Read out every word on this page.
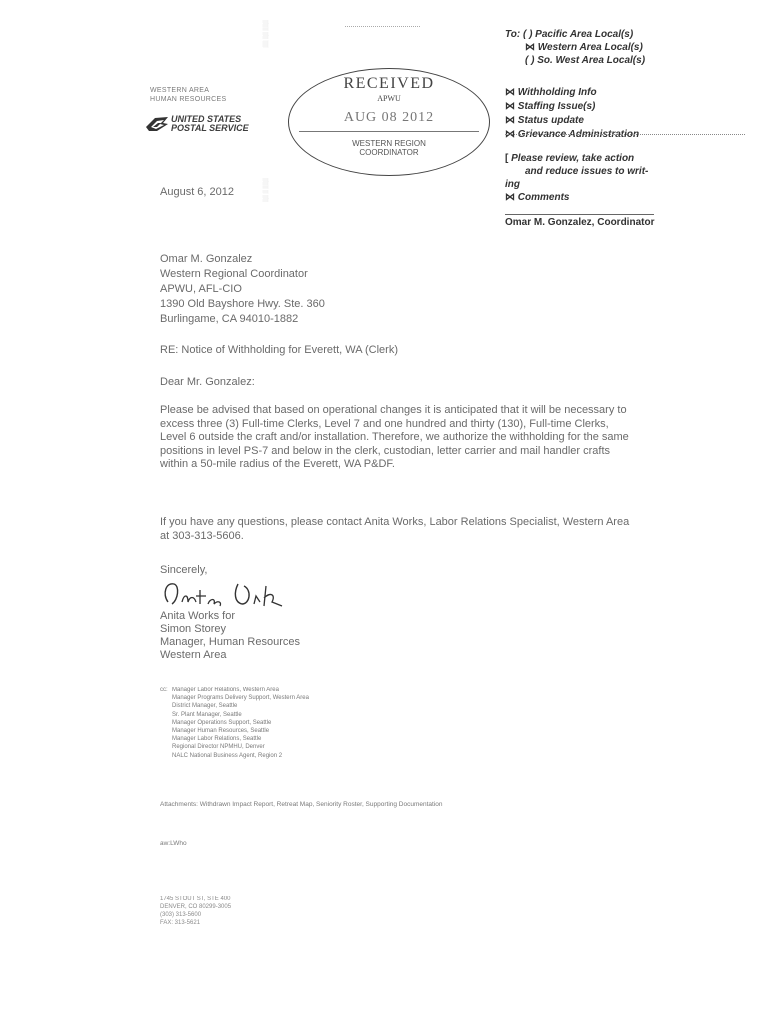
WESTERN AREA
HUMAN RESOURCES
UNITED STATES
POSTAL SERVICE
░░░ ░░ ░░
░░░ ░ ░░
RECEIVED
APWU
AUG 08 2012
WESTERN REGION
COORDINATOR
To: ( ) Pacific Area Local(s)
⋈ Western Area Local(s)
( ) So. West Area Local(s)
⋈ Withholding Info
⋈ Staffing Issue(s)
⋈ Status update
⋈ Grievance Administration
[ Please review, take action
and reduce issues to writ-
ing
⋈ Comments
Omar M. Gonzalez, Coordinator
August 6, 2012
Omar M. Gonzalez
Western Regional Coordinator
APWU, AFL-CIO
1390 Old Bayshore Hwy. Ste. 360
Burlingame, CA 94010-1882
RE: Notice of Withholding for Everett, WA (Clerk)
Dear Mr. Gonzalez:
Please be advised that based on operational changes it is anticipated that it will be necessary to excess three (3) Full-time Clerks, Level 7 and one hundred and thirty (130), Full-time Clerks, Level 6 outside the craft and/or installation. Therefore, we authorize the withholding for the same positions in level PS-7 and below in the clerk, custodian, letter carrier and mail handler crafts within a 50-mile radius of the Everett, WA P&DF.
If you have any questions, please contact Anita Works, Labor Relations Specialist, Western Area at 303-313-5606.
Sincerely,
Anita Works for
Simon Storey
Manager, Human Resources
Western Area
cc: Manager Labor Relations, Western Area
Manager Programs Delivery Support, Western Area
District Manager, Seattle
Sr. Plant Manager, Seattle
Manager Operations Support, Seattle
Manager Human Resources, Seattle
Manager Labor Relations, Seattle
Regional Director NPMHU, Denver
NALC National Business Agent, Region 2
Attachments: Withdrawn Impact Report, Retreat Map, Seniority Roster, Supporting Documentation
aw:LWho
1745 STOUT ST, STE 400
DENVER, CO 80299-3005
(303) 313-5600
FAX: 313-5621
